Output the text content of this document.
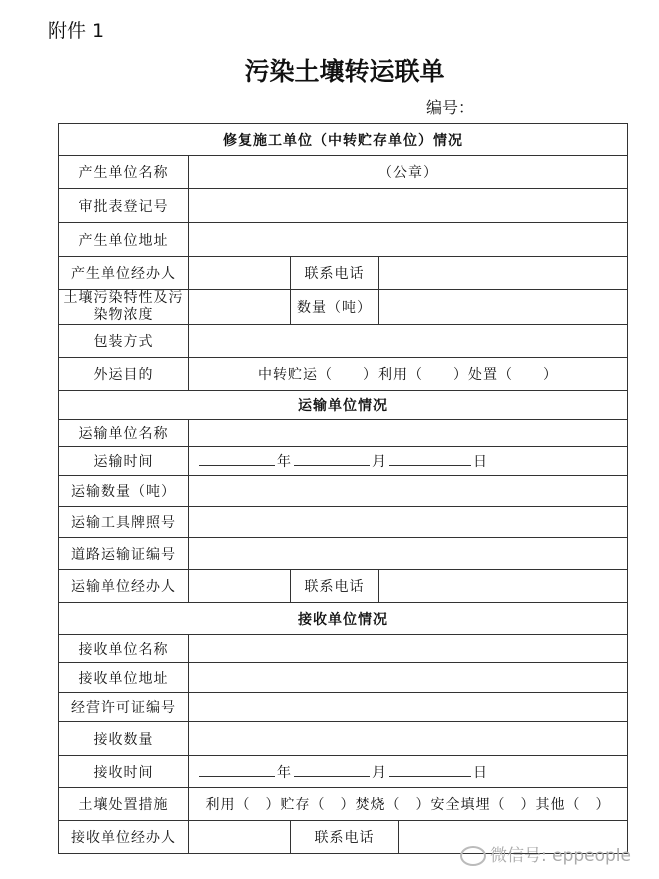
附件 1
污染土壤转运联单
编号：
修复施工单位（中转贮存单位）情况				
产生单位名称	（公章）			
审批表登记号				
产生单位地址				
产生单位经办人		联系电话		
土壤污染特性及污染物浓度		数量（吨）		
包装方式				
外运目的	中转贮运（　　）利用（　　）处置（　　）			
运输单位情况				
运输单位名称				
运输时间	年 月 日			
运输数量（吨）				
运输工具牌照号				
道路运输证编号				
运输单位经办人		联系电话		
接收单位情况				
接收单位名称				
接收单位地址				
经营许可证编号				
接收数量				
接收时间	年 月 日			
土壤处置措施	利用（　）贮存（　）焚烧（　）安全填埋（　）其他（　）			
接收单位经办人		联系电话		
微信号: eppeople
